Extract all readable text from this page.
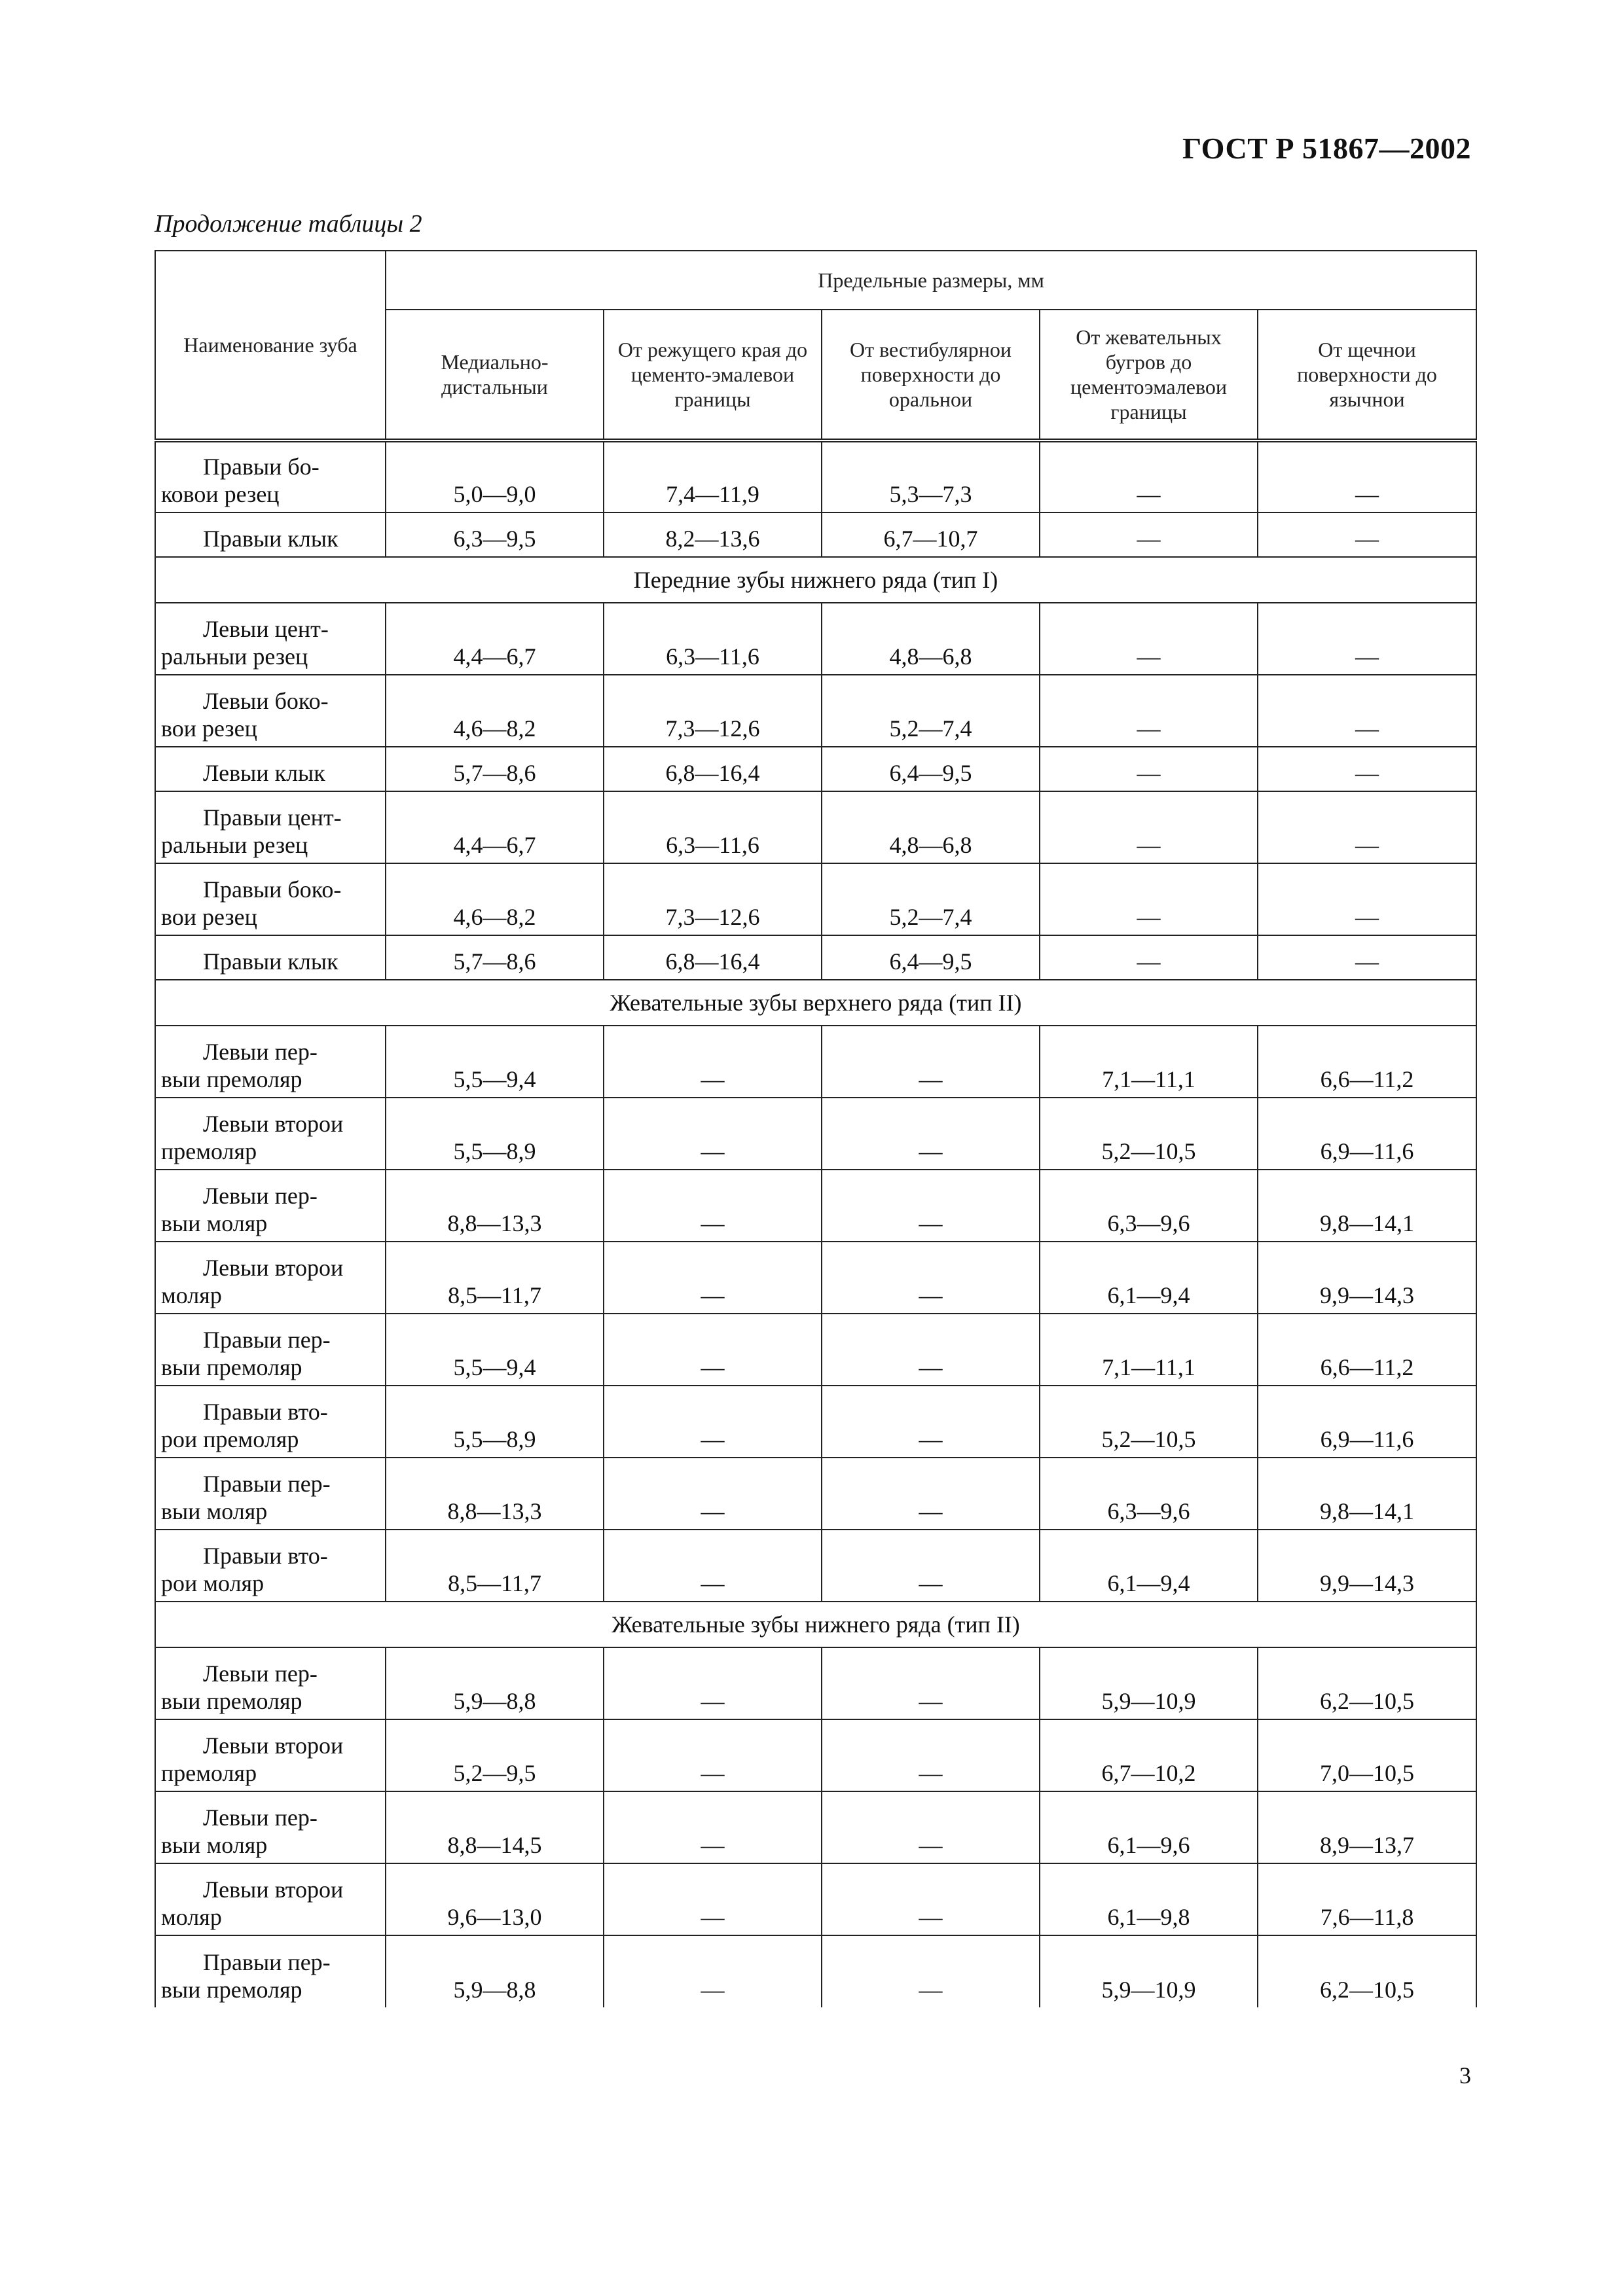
ГОСТ Р 51867—2002
Продолжение таблицы 2
Наименование зуба	Предельные размеры, мм				
	Медиально-дистальныи	От режущего края до цементо-эмалевои границы	От вестибулярнои поверхности до оральнои	От жевательных бугров до цементоэмалевои границы	От щечнои поверхности до язычнои

Правыи бо-
ковои резец	5,0—9,0	7,4—11,9	5,3—7,3	—	—

Правыи клык	6,3—9,5	8,2—13,6	6,7—10,7	—	—
Передние зубы нижнего ряда (тип I)					

Левыи цент-
ральныи резец	4,4—6,7	6,3—11,6	4,8—6,8	—	—

Левыи боко-
вои резец	4,6—8,2	7,3—12,6	5,2—7,4	—	—

Левыи клык	5,7—8,6	6,8—16,4	6,4—9,5	—	—

Правыи цент-
ральныи резец	4,4—6,7	6,3—11,6	4,8—6,8	—	—

Правыи боко-
вои резец	4,6—8,2	7,3—12,6	5,2—7,4	—	—

Правыи клык	5,7—8,6	6,8—16,4	6,4—9,5	—	—
Жевательные зубы верхнего ряда (тип II)					

Левыи пер-
выи премоляр	5,5—9,4	—	—	7,1—11,1	6,6—11,2

Левыи второи
премоляр	5,5—8,9	—	—	5,2—10,5	6,9—11,6

Левыи пер-
выи моляр	8,8—13,3	—	—	6,3—9,6	9,8—14,1

Левыи второи
моляр	8,5—11,7	—	—	6,1—9,4	9,9—14,3

Правыи пер-
выи премоляр	5,5—9,4	—	—	7,1—11,1	6,6—11,2

Правыи вто-
рои премоляр	5,5—8,9	—	—	5,2—10,5	6,9—11,6

Правыи пер-
выи моляр	8,8—13,3	—	—	6,3—9,6	9,8—14,1

Правыи вто-
рои моляр	8,5—11,7	—	—	6,1—9,4	9,9—14,3
Жевательные зубы нижнего ряда (тип II)					

Левыи пер-
выи премоляр	5,9—8,8	—	—	5,9—10,9	6,2—10,5

Левыи второи
премоляр	5,2—9,5	—	—	6,7—10,2	7,0—10,5

Левыи пер-
выи моляр	8,8—14,5	—	—	6,1—9,6	8,9—13,7

Левыи второи
моляр	9,6—13,0	—	—	6,1—9,8	7,6—11,8

Правыи пер-
выи премоляр	5,9—8,8	—	—	5,9—10,9	6,2—10,5
3
